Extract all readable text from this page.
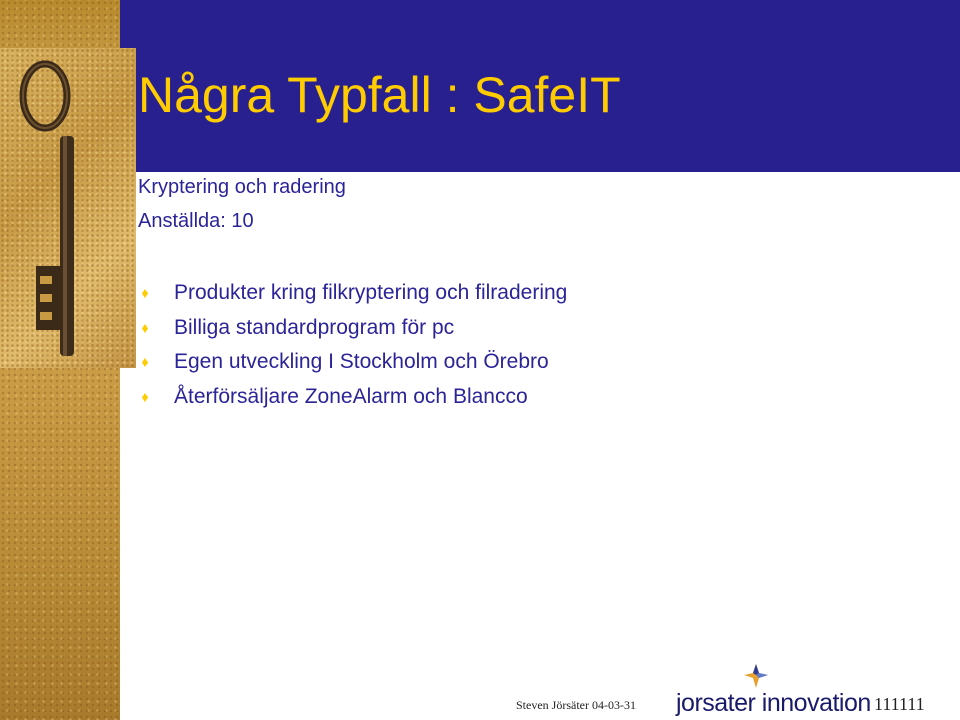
Några Typfall : SafeIT
Kryptering och radering
Anställda: 10
Produkter kring filkryptering och filradering
Billiga standardprogram för pc
Egen utveckling I Stockholm och Örebro
Återförsäljare ZoneAlarm och Blancco
Steven Jörsäter 04-03-31 jorsater innovation 111111
